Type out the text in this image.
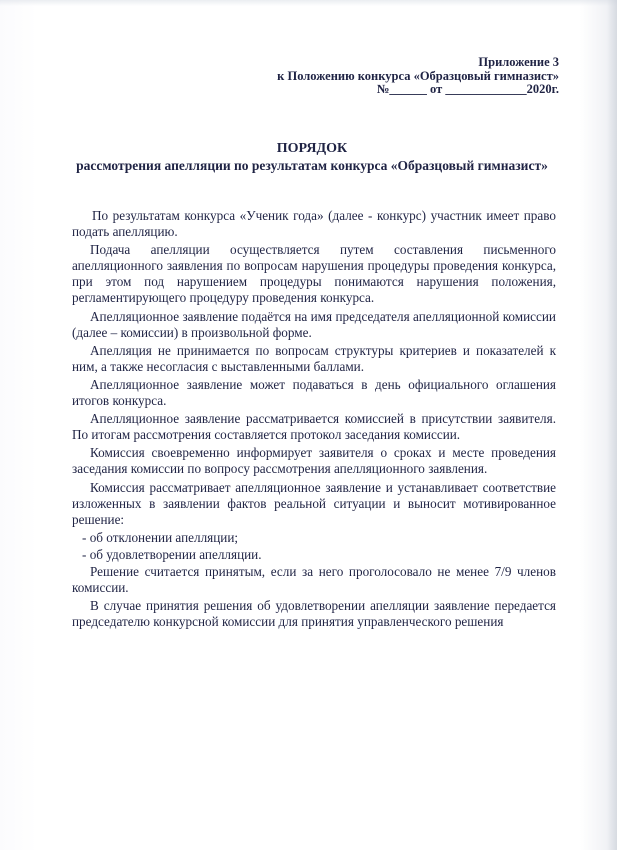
Приложение 3
к Положению конкурса «Образцовый гимназист»
№______ от _____________2020г.
ПОРЯДОК
рассмотрения апелляции по результатам конкурса «Образцовый гимназист»

По результатам конкурса «Ученик года» (далее - конкурс) участник имеет право подать апелляцию.

Подача апелляции осуществляется путем составления письменного апелляционного заявления по вопросам нарушения процедуры проведения конкурса, при этом под нарушением процедуры понимаются нарушения положения, регламентирующего процедуру проведения конкурса.

Апелляционное заявление подаётся на имя председателя апелляционной комиссии (далее – комиссии) в произвольной форме.

Апелляция не принимается по вопросам структуры критериев и показателей к ним, а также несогласия с выставленными баллами.

Апелляционное заявление может подаваться в день официального оглашения итогов конкурса.

Апелляционное заявление рассматривается комиссией в присутствии заявителя. По итогам рассмотрения составляется протокол заседания комиссии.

Комиссия своевременно информирует заявителя о сроках и месте проведения заседания комиссии по вопросу рассмотрения апелляционного заявления.

Комиссия рассматривает апелляционное заявление и устанавливает соответствие изложенных в заявлении фактов реальной ситуации и выносит мотивированное решение:

- об отклонении апелляции;

- об удовлетворении апелляции.

Решение считается принятым, если за него проголосовало не менее 7/9 членов комиссии.

В случае принятия решения об удовлетворении апелляции заявление передается председателю конкурсной комиссии для принятия управленческого решения
